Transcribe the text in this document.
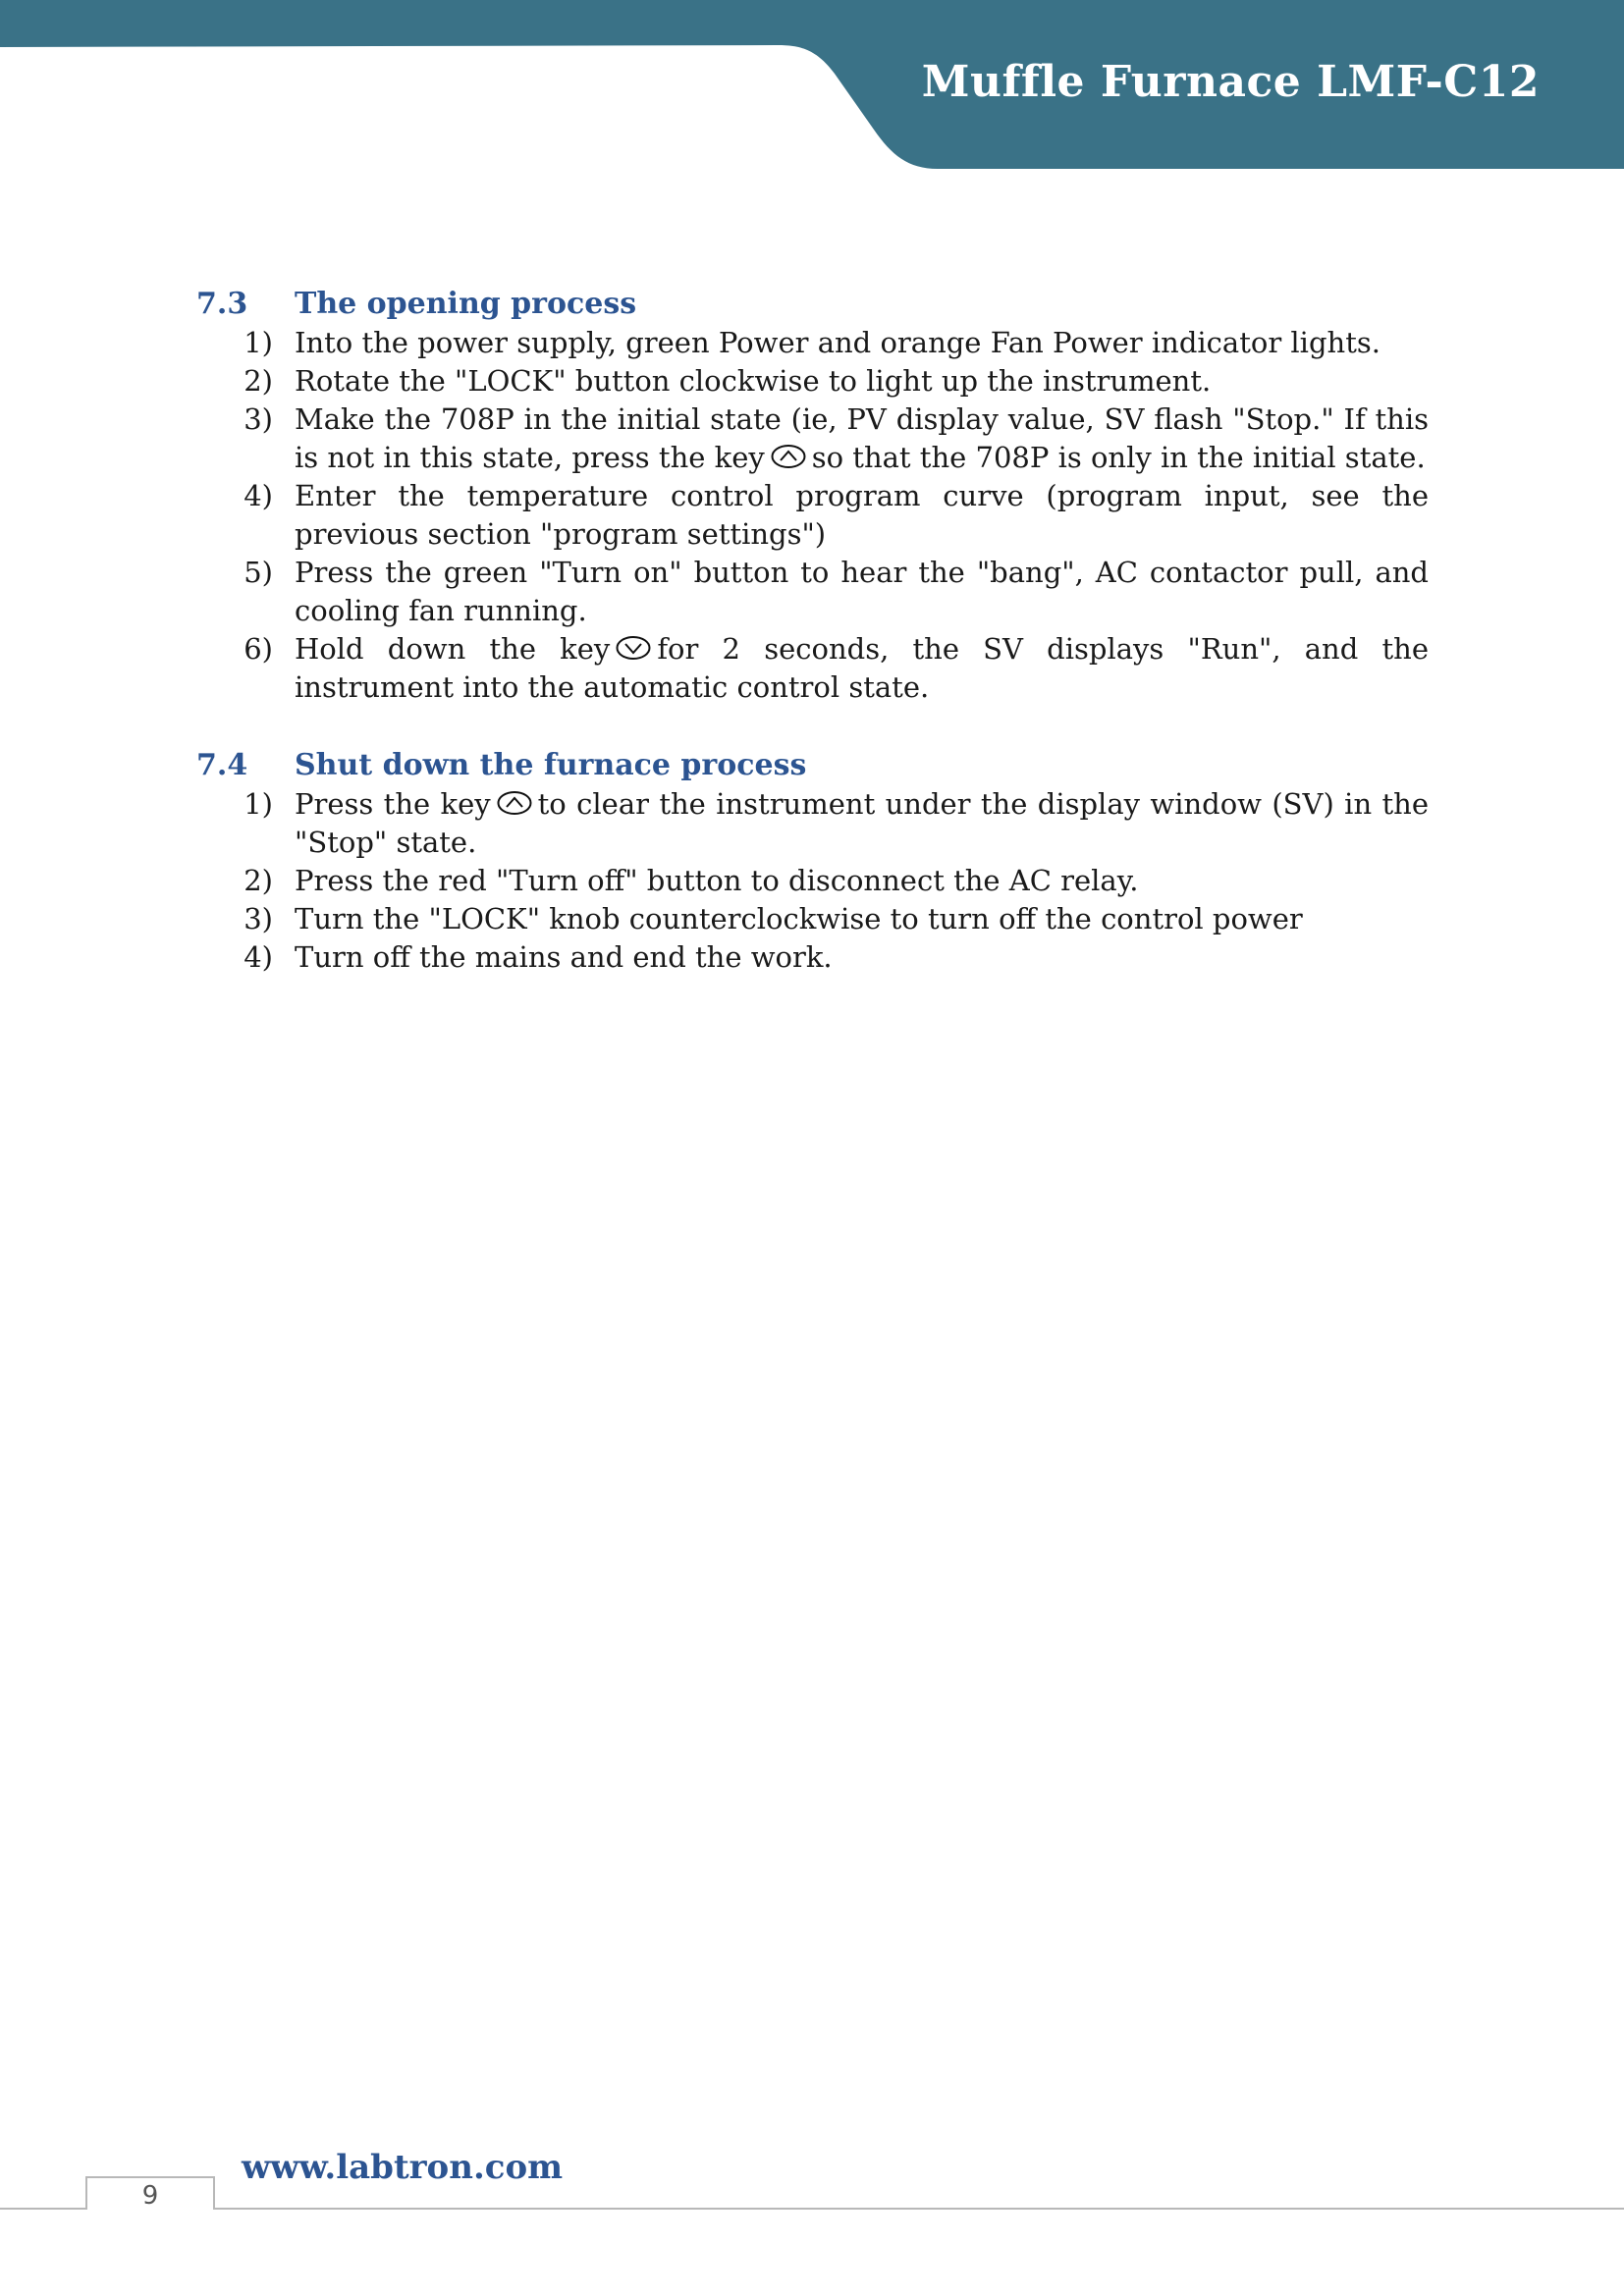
Muffle Furnace LMF-C12
7.3	The opening process
1) Into the power supply, green Power and orange Fan Power indicator lights.
2) Rotate the "LOCK" button clockwise to light up the instrument.
3) Make the 708P in the initial state (ie, PV display value, SV flash "Stop." If this is not in this state, press the key so that the 708P is only in the initial state.
4) Enter the temperature control program curve (program input, see the previous section "program settings")
5) Press the green "Turn on" button to hear the "bang", AC contactor pull, and cooling fan running.
6) Hold down the key for 2 seconds, the SV displays "Run", and the instrument into the automatic control state.
7.4	Shut down the furnace process
1) Press the key to clear the instrument under the display window (SV) in the "Stop" state.
2) Press the red "Turn off" button to disconnect the AC relay.
3) Turn the "LOCK" knob counterclockwise to turn off the control power
4) Turn off the mains and end the work.
www.labtron.com
9
